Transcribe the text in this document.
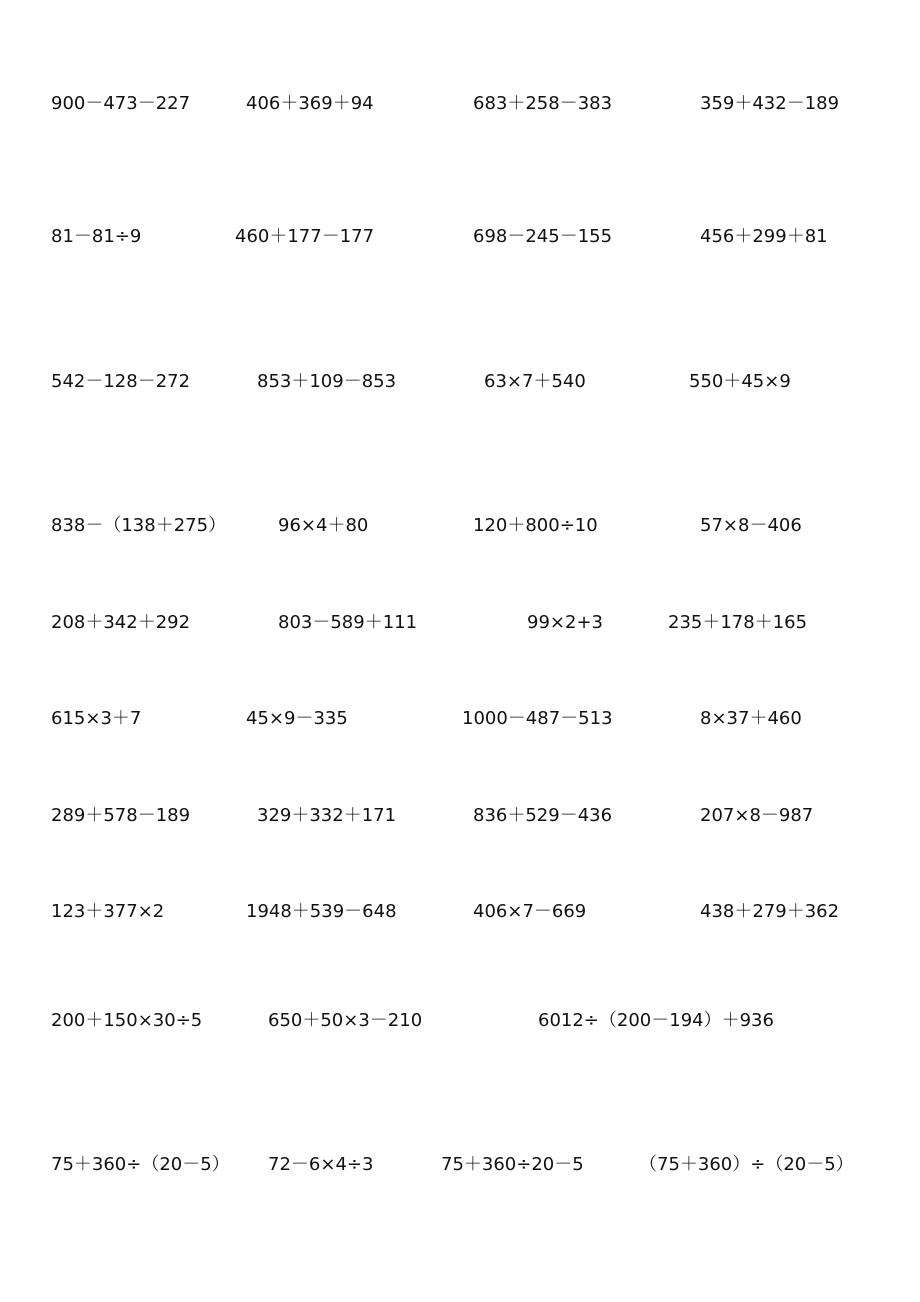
900－473－227	406＋369＋94	683＋258－383	359＋432－189
81－81÷9	460＋177－177	698－245－155	456＋299＋81
542－128－272	853＋109－853	63×7＋540	550＋45×9
838－（138＋275）	96×4＋80	120＋800÷10	57×8－406
208＋342＋292	803－589＋111	99×2+3	235＋178＋165
615×3＋7	45×9－335	1000－487－513	8×37＋460
289＋578－189	329＋332＋171	836＋529－436	207×8－987
123＋377×2	1948＋539－648	406×7－669	438＋279＋362
200＋150×30÷5	650＋50×3－210	6012÷（200－194）＋936
75＋360÷（20－5） 72－6×4÷3	75＋360÷20－5	（75＋360）÷（20－5）
